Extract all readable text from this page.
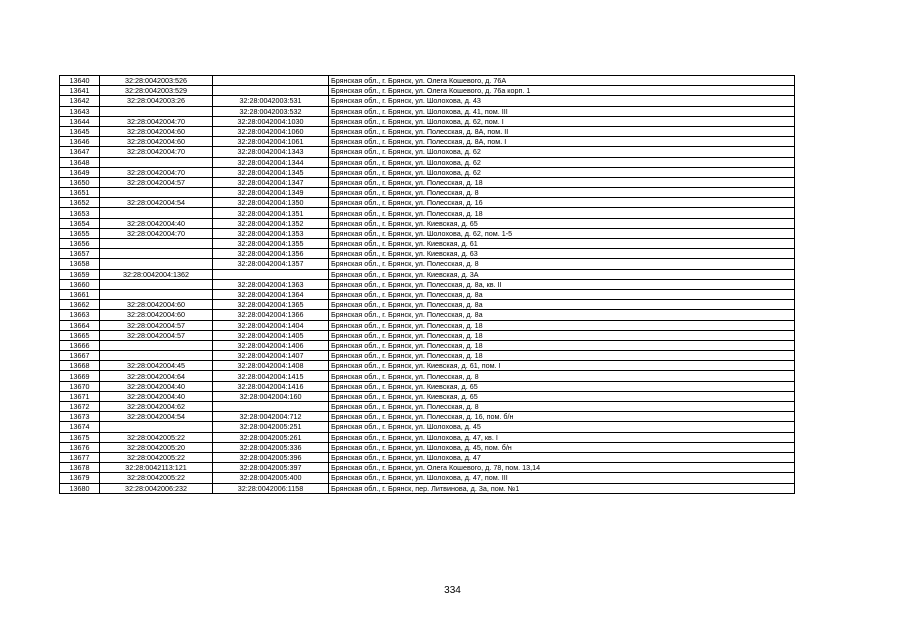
13640	32:28:0042003:526		Брянская обл., г. Брянск, ул. Олега Кошевого, д. 76А
13641	32:28:0042003:529		Брянская обл., г. Брянск, ул. Олега Кошевого, д. 76а корп. 1
13642	32:28:0042003:26	32:28:0042003:531	Брянская обл., г. Брянск, ул. Шолохова, д. 43
13643		32:28:0042003:532	Брянская обл., г. Брянск, ул. Шолохова, д. 41, пом. III
13644	32:28:0042004:70	32:28:0042004:1030	Брянская обл., г. Брянск, ул. Шолохова, д. 62, пом. I
13645	32:28:0042004:60	32:28:0042004:1060	Брянская обл., г. Брянск, ул. Полесская, д. 8А, пом. II
13646	32:28:0042004:60	32:28:0042004:1061	Брянская обл., г. Брянск, ул. Полесская, д. 8А, пом. I
13647	32:28:0042004:70	32:28:0042004:1343	Брянская обл., г. Брянск, ул. Шолохова, д. 62
13648		32:28:0042004:1344	Брянская обл., г. Брянск, ул. Шолохова, д. 62
13649	32:28:0042004:70	32:28:0042004:1345	Брянская обл., г. Брянск, ул. Шолохова, д. 62
13650	32:28:0042004:57	32:28:0042004:1347	Брянская обл., г. Брянск, ул. Полесская, д. 18
13651		32:28:0042004:1349	Брянская обл., г. Брянск, ул. Полесская, д. 8
13652	32:28:0042004:54	32:28:0042004:1350	Брянская обл., г. Брянск, ул. Полесская, д. 16
13653		32:28:0042004:1351	Брянская обл., г. Брянск, ул. Полесская, д. 18
13654	32:28:0042004:40	32:28:0042004:1352	Брянская обл., г. Брянск, ул. Киевская, д. 65
13655	32:28:0042004:70	32:28:0042004:1353	Брянская обл., г. Брянск, ул. Шолохова, д. 62, пом. 1-5
13656		32:28:0042004:1355	Брянская обл., г. Брянск, ул. Киевская, д. 61
13657		32:28:0042004:1356	Брянская обл., г. Брянск, ул. Киевская, д. 63
13658		32:28:0042004:1357	Брянская обл., г. Брянск, ул. Полесская, д. 8
13659	32:28:0042004:1362		Брянская обл., г. Брянск, ул. Киевская, д. 3А
13660		32:28:0042004:1363	Брянская обл., г. Брянск, ул. Полесская, д. 8а, кв. II
13661		32:28:0042004:1364	Брянская обл., г. Брянск, ул. Полесская, д. 8а
13662	32:28:0042004:60	32:28:0042004:1365	Брянская обл., г. Брянск, ул. Полесская, д. 8а
13663	32:28:0042004:60	32:28:0042004:1366	Брянская обл., г. Брянск, ул. Полесская, д. 8а
13664	32:28:0042004:57	32:28:0042004:1404	Брянская обл., г. Брянск, ул. Полесская, д. 18
13665	32:28:0042004:57	32:28:0042004:1405	Брянская обл., г. Брянск, ул. Полесская, д. 18
13666		32:28:0042004:1406	Брянская обл., г. Брянск, ул. Полесская, д. 18
13667		32:28:0042004:1407	Брянская обл., г. Брянск, ул. Полесская, д. 18
13668	32:28:0042004:45	32:28:0042004:1408	Брянская обл., г. Брянск, ул. Киевская, д. 61, пом. I
13669	32:28:0042004:64	32:28:0042004:1415	Брянская обл., г. Брянск, ул. Полесская, д. 8
13670	32:28:0042004:40	32:28:0042004:1416	Брянская обл., г. Брянск, ул. Киевская, д. 65
13671	32:28:0042004:40	32:28:0042004:160	Брянская обл., г. Брянск, ул. Киевская, д. 65
13672	32:28:0042004:62		Брянская обл., г. Брянск, ул. Полесская, д. 8
13673	32:28:0042004:54	32:28:0042004:712	Брянская обл., г. Брянск, ул. Полесская, д. 16, пом. б/н
13674		32:28:0042005:251	Брянская обл., г. Брянск, ул. Шолохова, д. 45
13675	32:28:0042005:22	32:28:0042005:261	Брянская обл., г. Брянск, ул. Шолохова, д. 47, кв. I
13676	32:28:0042005:20	32:28:0042005:336	Брянская обл., г. Брянск, ул. Шолохова, д. 45, пом. б/н
13677	32:28:0042005:22	32:28:0042005:396	Брянская обл., г. Брянск, ул. Шолохова, д. 47
13678	32:28:0042113:121	32:28:0042005:397	Брянская обл., г. Брянск, ул. Олега Кошевого, д. 78, пом. 13,14
13679	32:28:0042005:22	32:28:0042005:400	Брянская обл., г. Брянск, ул. Шолохова, д. 47, пом. III
13680	32:28:0042006:232	32:28:0042006:1158	Брянская обл., г. Брянск, пер. Литвинова, д. 3а, пом. №1
334
